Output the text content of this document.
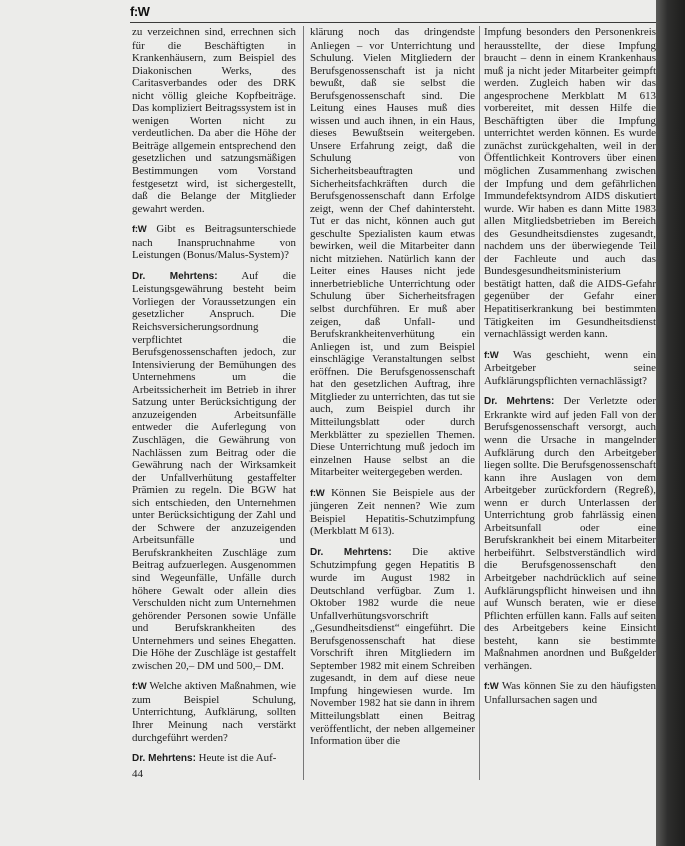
f:W

zu verzeichnen sind, errechnen sich für die Beschäftigten in Krankenhäusern, zum Beispiel des Diakonischen Werks, des Caritasverbandes oder des DRK nicht völlig gleiche Kopfbeiträge. Das kompliziert Beitragssystem ist in wenigen Worten nicht zu verdeutlichen. Da aber die Höhe der Beiträge allgemein entsprechend den gesetzlichen und satzungsmäßigen Bestimmungen vom Vorstand festgesetzt wird, ist sichergestellt, daß die Belange der Mitglieder gewahrt werden.

f:W Gibt es Beitragsunterschiede nach Inanspruchnahme von Leistungen (Bonus/Malus-System)?

Dr. Mehrtens: Auf die Leistungsgewährung besteht beim Vorliegen der Voraussetzungen ein gesetzlicher Anspruch. Die Reichsversicherungsordnung verpflichtet die Berufsgenossenschaften jedoch, zur Intensivierung der Bemühungen des Unternehmens um die Arbeitssicherheit im Betrieb in ihrer Satzung unter Berücksichtigung der anzuzeigenden Arbeitsunfälle entweder die Auferlegung von Zuschlägen, die Gewährung von Nachlässen zum Beitrag oder die Gewährung nach der Wirksamkeit der Unfallverhütung gestaffelter Prämien zu regeln. Die BGW hat sich entschieden, den Unternehmen unter Berücksichtigung der Zahl und der Schwere der anzuzeigenden Arbeitsunfälle und Berufskrankheiten Zuschläge zum Beitrag aufzuerlegen. Ausgenommen sind Wegeunfälle, Unfälle durch höhere Gewalt oder allein dies Verschulden nicht zum Unternehmen gehörender Personen sowie Unfälle und Berufskrankheiten des Unternehmers und seines Ehegatten. Die Höhe der Zuschläge ist gestaffelt zwischen 20,– DM und 500,– DM.

f:W Welche aktiven Maßnahmen, wie zum Beispiel Schulung, Unterrichtung, Aufklärung, sollten Ihrer Meinung nach verstärkt durchgeführt werden?

Dr. Mehrtens: Heute ist die Auf-

klärung noch das dringendste Anliegen – vor Unterrichtung und Schulung. Vielen Mitgliedern der Berufsgenossenschaft ist ja nicht bewußt, daß sie selbst die Berufsgenossenschaft sind. Die Leitung eines Hauses muß dies wissen und auch ihnen, in ein Haus, dieses Bewußtsein weitergeben. Unsere Erfahrung zeigt, daß die Schulung von Sicherheitsbeauftragten und Sicherheitsfachkräften durch die Berufsgenossenschaft dann Erfolge zeigt, wenn der Chef dahintersteht. Tut er das nicht, können auch gut geschulte Spezialisten kaum etwas bewirken, weil die Mitarbeiter dann nicht mitziehen. Natürlich kann der Leiter eines Hauses nicht jede innerbetriebliche Unterrichtung oder Schulung über Sicherheitsfragen selbst durchführen. Er muß aber zeigen, daß Unfall- und Berufskrankheitenverhütung ein Anliegen ist, und zum Beispiel einschlägige Veranstaltungen selbst eröffnen. Die Berufsgenossenschaft hat den gesetzlichen Auftrag, ihre Mitglieder zu unterrichten, das tut sie auch, zum Beispiel durch ihr Mitteilungsblatt oder durch Merkblätter zu speziellen Themen. Diese Unterrichtung muß jedoch im einzelnen Hause selbst an die Mitarbeiter weitergegeben werden.

f:W Können Sie Beispiele aus der jüngeren Zeit nennen? Wie zum Beispiel Hepatitis-Schutzimpfung (Merkblatt M 613).

Dr. Mehrtens: Die aktive Schutzimpfung gegen Hepatitis B wurde im August 1982 in Deutschland verfügbar. Zum 1. Oktober 1982 wurde die neue Unfallverhütungsvorschrift „Gesundheitsdienst“ eingeführt. Die Berufsgenossenschaft hat diese Vorschrift ihren Mitgliedern im September 1982 mit einem Schreiben zugesandt, in dem auf diese neue Impfung hingewiesen wurde. Im November 1982 hat sie dann in ihrem Mitteilungsblatt einen Beitrag veröffentlicht, der neben allgemeiner Information über die

Impfung besonders den Personenkreis herausstellte, der diese Impfung braucht – denn in einem Krankenhaus muß ja nicht jeder Mitarbeiter geimpft werden. Zugleich haben wir das angesprochene Merkblatt M 613 vorbereitet, mit dessen Hilfe die Beschäftigten über die Impfung unterrichtet werden können. Es wurde zunächst zurückgehalten, weil in der Öffentlichkeit Kontrovers über einen möglichen Zusammenhang zwischen der Impfung und dem gefährlichen Immundefektsyndrom AIDS diskutiert wurde. Wir haben es dann Mitte 1983 allen Mitgliedsbetrieben im Bereich des Gesundheitsdienstes zugesandt, nachdem uns der überwiegende Teil der Fachleute und auch das Bundesgesundheitsministerium bestätigt hatten, daß die AIDS-Gefahr gegenüber der Gefahr einer Hepatitiserkrankung bei bestimmten Tätigkeiten im Gesundheitsdienst vernachlässigt werden kann.

f:W Was geschieht, wenn ein Arbeitgeber seine Aufklärungspflichten vernachlässigt?

Dr. Mehrtens: Der Verletzte oder Erkrankte wird auf jeden Fall von der Berufsgenossenschaft versorgt, auch wenn die Ursache in mangelnder Aufklärung durch den Arbeitgeber liegen sollte. Die Berufsgenossenschaft kann ihre Auslagen von dem Arbeitgeber zurückfordern (Regreß), wenn er durch Unterlassen der Unterrichtung grob fahrlässig einen Arbeitsunfall oder eine Berufskrankheit bei einem Mitarbeiter herbeiführt. Selbstverständlich wird die Berufsgenossenschaft den Arbeitgeber nachdrücklich auf seine Aufklärungspflicht hinweisen und ihn auf Wunsch beraten, wie er diese Pflichten erfüllen kann. Falls auf seiten des Arbeitgebers keine Einsicht besteht, kann sie bestimmte Maßnahmen anordnen und Bußgelder verhängen.

f:W Was können Sie zu den häufigsten Unfallursachen sagen und

44
